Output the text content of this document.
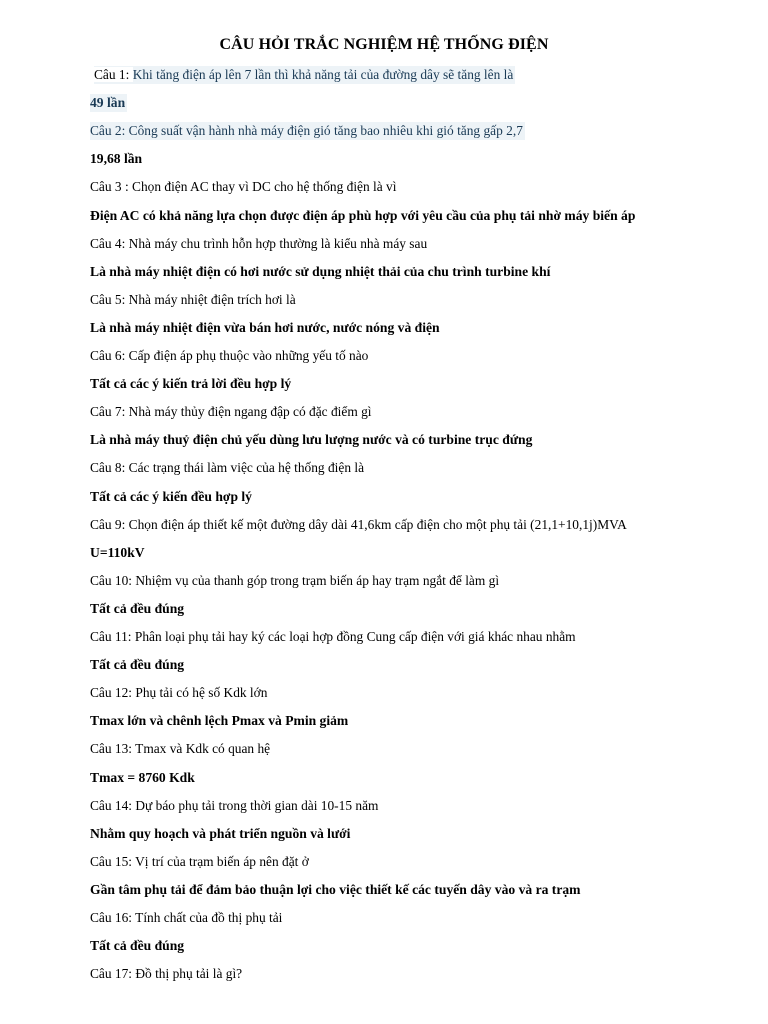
CÂU HỎI TRẮC NGHIỆM HỆ THỐNG ĐIỆN
Câu 1: Khi tăng điện áp lên 7 lần thì khả năng tải của đường dây sẽ tăng lên là
49 lần
Câu 2: Công suất vận hành nhà máy điện gió tăng bao nhiêu khi gió tăng gấp 2,7
19,68 lần
Câu 3 : Chọn điện AC thay vì DC cho hệ thống điện là vì
Điện AC có khả năng lựa chọn được điện áp phù hợp với yêu cầu của phụ tải nhờ máy biến áp
Câu 4: Nhà máy chu trình hỗn hợp thường là kiểu nhà máy sau
Là nhà máy nhiệt điện có hơi nước sử dụng nhiệt thải của chu trình turbine khí
Câu 5: Nhà máy nhiệt điện trích hơi là
Là nhà máy nhiệt điện vừa bán hơi nước, nước nóng và điện
Câu 6: Cấp điện áp phụ thuộc vào những yếu tố nào
Tất cả các ý kiến trả lời đều hợp lý
Câu 7: Nhà máy thủy điện ngang đập có đặc điểm gì
Là nhà máy thuỷ điện chủ yếu dùng lưu lượng nước và có turbine trục đứng
Câu 8: Các trạng thái làm việc của hệ thống điện là
Tất cả các ý kiến đều hợp lý
Câu 9: Chọn điện áp thiết kế một đường dây dài 41,6km cấp điện cho một phụ tải (21,1+10,1j)MVA
U=110kV
Câu 10: Nhiệm vụ của thanh góp trong trạm biến áp hay trạm ngắt để làm gì
Tất cả đều đúng
Câu 11: Phân loại phụ tải hay ký các loại hợp đồng Cung cấp điện với giá khác nhau nhằm
Tất cả đều đúng
Câu 12: Phụ tải có hệ số Kdk lớn
Tmax lớn và chênh lệch Pmax và Pmin giảm
Câu 13: Tmax và Kdk có quan hệ
Tmax = 8760 Kdk
Câu 14: Dự báo phụ tải trong thời gian dài 10-15 năm
Nhằm quy hoạch và phát triển nguồn và lưới
Câu 15: Vị trí của trạm biến áp nên đặt ở
Gần tâm phụ tải để đảm bảo thuận lợi cho việc thiết kế các tuyến dây vào và ra trạm
Câu 16: Tính chất của đồ thị phụ tải
Tất cả đều đúng
Câu 17: Đồ thị phụ tải là gì?
